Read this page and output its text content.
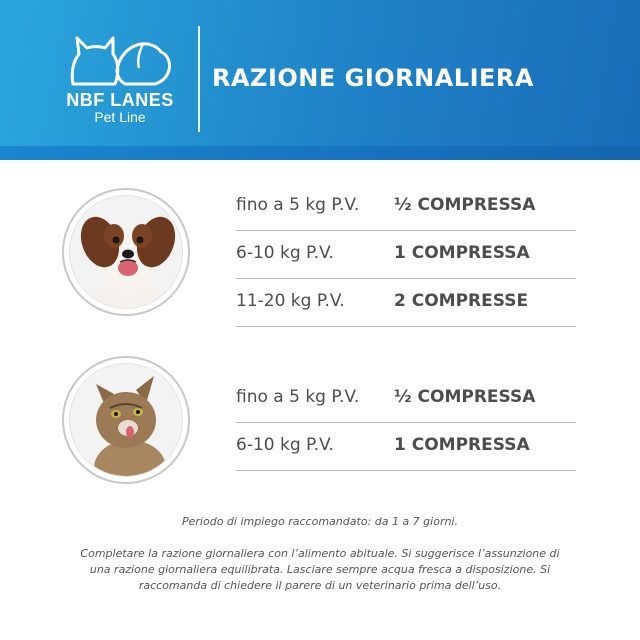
NBF LANES
Pet Line
RAZIONE GIORNALIERA
fino a 5 kg P.V. ½ COMPRESSA
6-10 kg P.V.	1 COMPRESSA
11-20 kg P.V.	2 COMPRESSE
fino a 5 kg P.V. ½ COMPRESSA
6-10 kg P.V.	1 COMPRESSA
Periodo di impiego raccomandato: da 1 a 7 giorni.
Completare la razione giornaliera con l’alimento abituale. Si suggerisce l’assunzione di
una razione giornaliera equilibrata. Lasciare sempre acqua fresca a disposizione. Si
raccomanda di chiedere il parere di un veterinario prima dell’uso.
